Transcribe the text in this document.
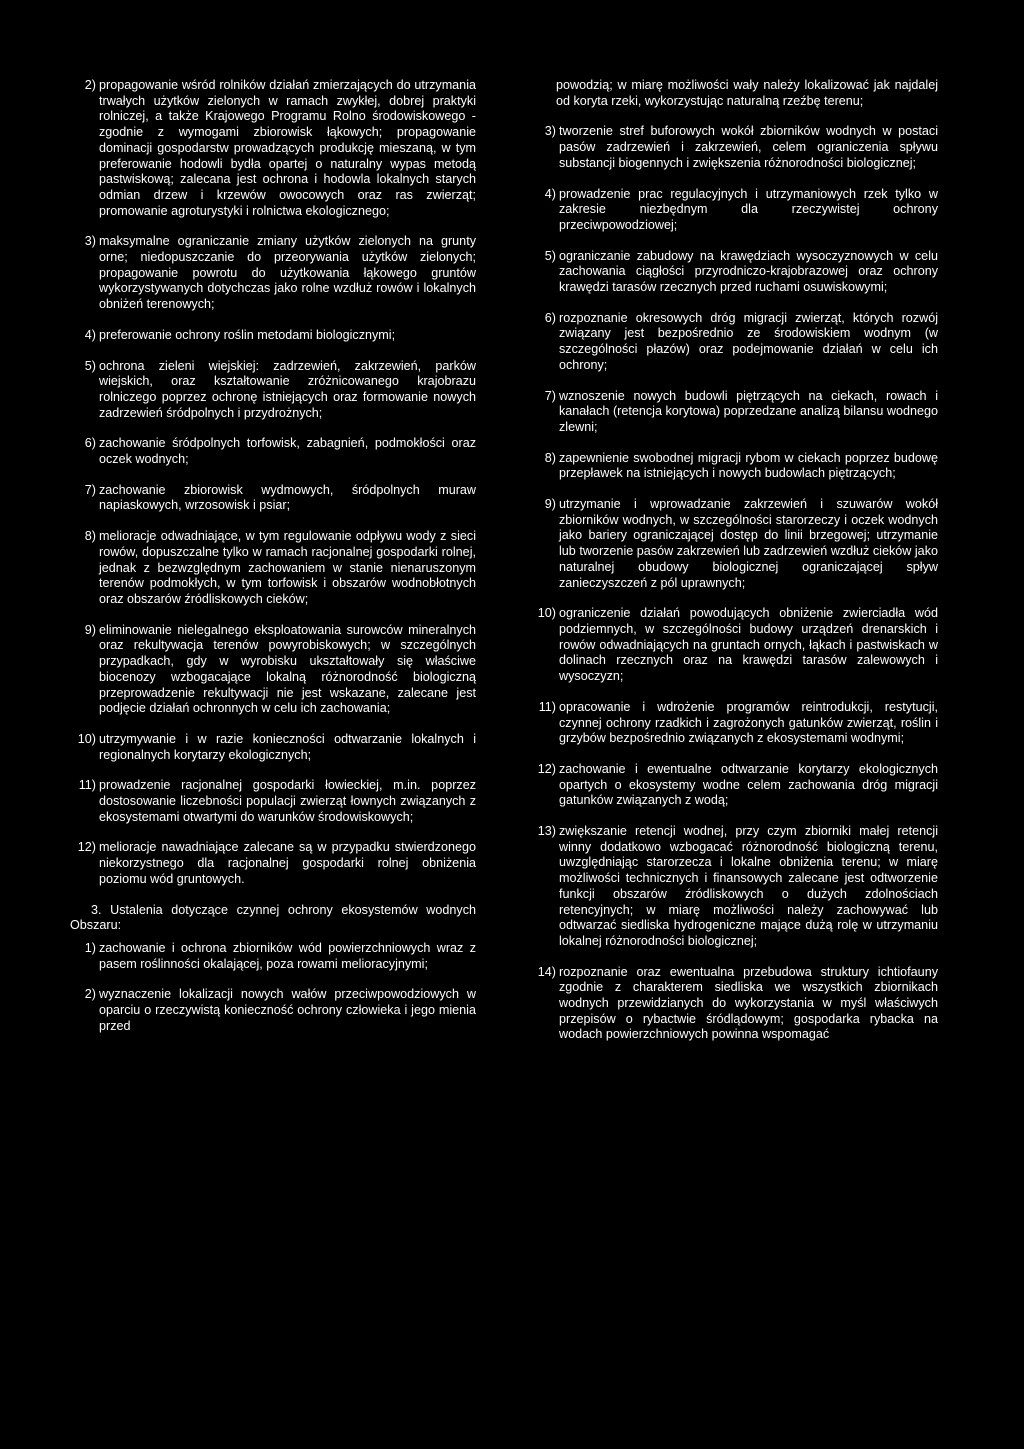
2) propagowanie wśród rolników działań zmierzających do utrzymania trwałych użytków zielonych w ramach zwykłej, dobrej praktyki rolniczej, a także Krajowego Programu Rolno środowiskowego - zgodnie z wymogami zbiorowisk łąkowych; propagowanie dominacji gospodarstw prowadzących produkcję mieszaną, w tym preferowanie hodowli bydła opartej o naturalny wypas metodą pastwiskową; zalecana jest ochrona i hodowla lokalnych starych odmian drzew i krzewów owocowych oraz ras zwierząt; promowanie agroturystyki i rolnictwa ekologicznego;
3) maksymalne ograniczanie zmiany użytków zielonych na grunty orne; niedopuszczanie do przeorywania użytków zielonych; propagowanie powrotu do użytkowania łąkowego gruntów wykorzystywanych dotychczas jako rolne wzdłuż rowów i lokalnych obniżeń terenowych;
4) preferowanie ochrony roślin metodami biologicznymi;
5) ochrona zieleni wiejskiej: zadrzewień, zakrzewień, parków wiejskich, oraz kształtowanie zróżnicowanego krajobrazu rolniczego poprzez ochronę istniejących oraz formowanie nowych zadrzewień śródpolnych i przydrożnych;
6) zachowanie śródpolnych torfowisk, zabagnień, podmokłości oraz oczek wodnych;
7) zachowanie zbiorowisk wydmowych, śródpolnych muraw napiaskowych, wrzosowisk i psiar;
8) melioracje odwadniające, w tym regulowanie odpływu wody z sieci rowów, dopuszczalne tylko w ramach racjonalnej gospodarki rolnej, jednak z bezwzględnym zachowaniem w stanie nienaruszonym terenów podmokłych, w tym torfowisk i obszarów wodnobłotnych oraz obszarów źródliskowych cieków;
9) eliminowanie nielegalnego eksploatowania surowców mineralnych oraz rekultywacja terenów powyrobiskowych; w szczególnych przypadkach, gdy w wyrobisku ukształtowały się właściwe biocenozy wzbogacające lokalną różnorodność biologiczną przeprowadzenie rekultywacji nie jest wskazane, zalecane jest podjęcie działań ochronnych w celu ich zachowania;
10) utrzymywanie i w razie konieczności odtwarzanie lokalnych i regionalnych korytarzy ekologicznych;
11) prowadzenie racjonalnej gospodarki łowieckiej, m.in. poprzez dostosowanie liczebności populacji zwierząt łownych związanych z ekosystemami otwartymi do warunków środowiskowych;
12) melioracje nawadniające zalecane są w przypadku stwierdzonego niekorzystnego dla racjonalnej gospodarki rolnej obniżenia poziomu wód gruntowych.
3. Ustalenia dotyczące czynnej ochrony ekosystemów wodnych Obszaru:
1) zachowanie i ochrona zbiorników wód powierzchniowych wraz z pasem roślinności okalającej, poza rowami melioracyjnymi;
2) wyznaczenie lokalizacji nowych wałów przeciwpowodziowych w oparciu o rzeczywistą konieczność ochrony człowieka i jego mienia przed
powodzią; w miarę możliwości wały należy lokalizować jak najdalej od koryta rzeki, wykorzystując naturalną rzeźbę terenu;
3) tworzenie stref buforowych wokół zbiorników wodnych w postaci pasów zadrzewień i zakrzewień, celem ograniczenia spływu substancji biogennych i zwiększenia różnorodności biologicznej;
4) prowadzenie prac regulacyjnych i utrzymaniowych rzek tylko w zakresie niezbędnym dla rzeczywistej ochrony przeciwpowodziowej;
5) ograniczanie zabudowy na krawędziach wysoczyznowych w celu zachowania ciągłości przyrodniczo-krajobrazowej oraz ochrony krawędzi tarasów rzecznych przed ruchami osuwiskowymi;
6) rozpoznanie okresowych dróg migracji zwierząt, których rozwój związany jest bezpośrednio ze środowiskiem wodnym (w szczególności płazów) oraz podejmowanie działań w celu ich ochrony;
7) wznoszenie nowych budowli piętrzących na ciekach, rowach i kanałach (retencja korytowa) poprzedzane analizą bilansu wodnego zlewni;
8) zapewnienie swobodnej migracji rybom w ciekach poprzez budowę przepławek na istniejących i nowych budowlach piętrzących;
9) utrzymanie i wprowadzanie zakrzewień i szuwarów wokół zbiorników wodnych, w szczególności starorzeczy i oczek wodnych jako bariery ograniczającej dostęp do linii brzegowej; utrzymanie lub tworzenie pasów zakrzewień lub zadrzewień wzdłuż cieków jako naturalnej obudowy biologicznej ograniczającej spływ zanieczyszczeń z pól uprawnych;
10) ograniczenie działań powodujących obniżenie zwierciadła wód podziemnych, w szczególności budowy urządzeń drenarskich i rowów odwadniających na gruntach ornych, łąkach i pastwiskach w dolinach rzecznych oraz na krawędzi tarasów zalewowych i wysoczyzn;
11) opracowanie i wdrożenie programów reintrodukcji, restytucji, czynnej ochrony rzadkich i zagrożonych gatunków zwierząt, roślin i grzybów bezpośrednio związanych z ekosystemami wodnymi;
12) zachowanie i ewentualne odtwarzanie korytarzy ekologicznych opartych o ekosystemy wodne celem zachowania dróg migracji gatunków związanych z wodą;
13) zwiększanie retencji wodnej, przy czym zbiorniki małej retencji winny dodatkowo wzbogacać różnorodność biologiczną terenu, uwzględniając starorzecza i lokalne obniżenia terenu; w miarę możliwości technicznych i finansowych zalecane jest odtworzenie funkcji obszarów źródliskowych o dużych zdolnościach retencyjnych; w miarę możliwości należy zachowywać lub odtwarzać siedliska hydrogeniczne mające dużą rolę w utrzymaniu lokalnej różnorodności biologicznej;
14) rozpoznanie oraz ewentualna przebudowa struktury ichtiofauny zgodnie z charakterem siedliska we wszystkich zbiornikach wodnych przewidzianych do wykorzystania w myśl właściwych przepisów o rybactwie śródlądowym; gospodarka rybacka na wodach powierzchniowych powinna wspomagać
